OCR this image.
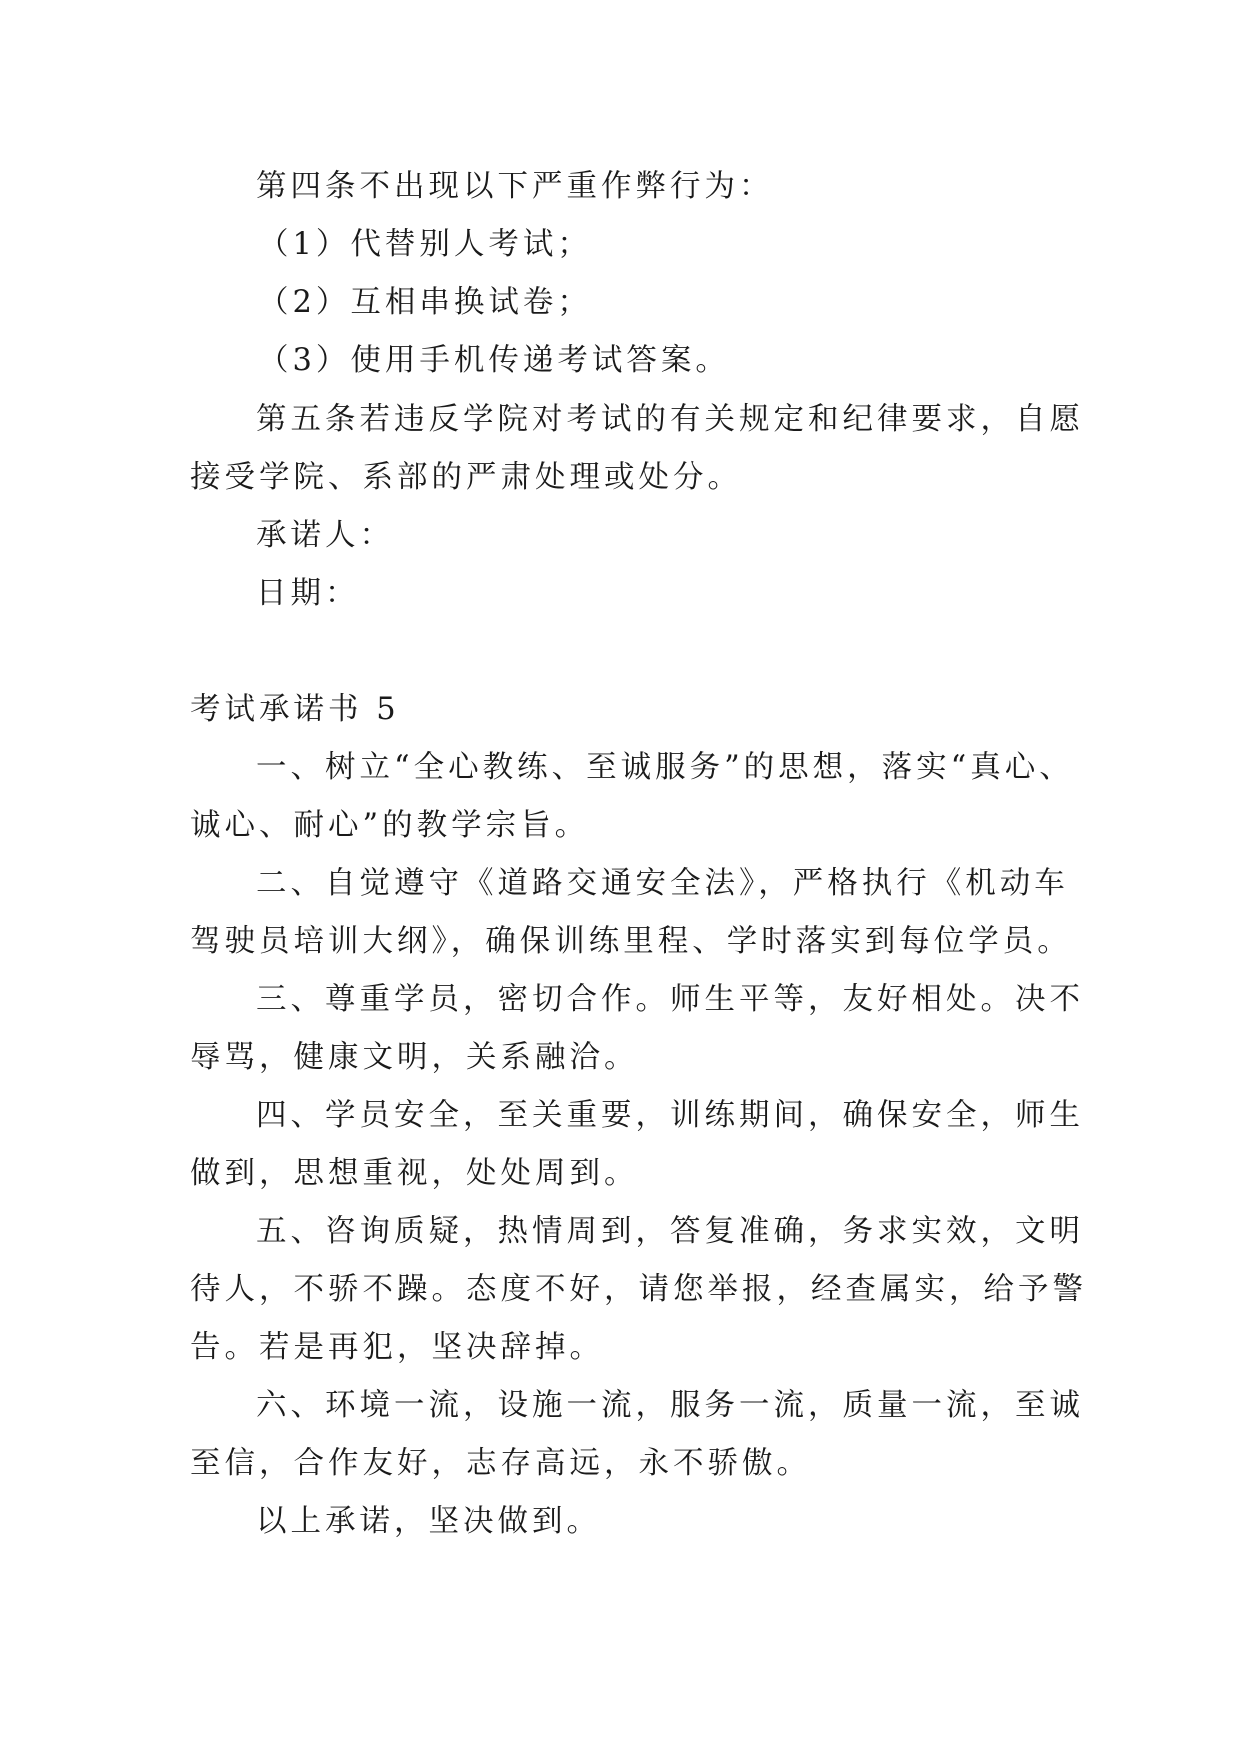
第四条不出现以下严重作弊行为：
（1）代替别人考试；
（2）互相串换试卷；
（3）使用手机传递考试答案。
第五条若违反学院对考试的有关规定和纪律要求，自愿
接受学院、系部的严肃处理或处分。
承诺人：
日期：
考试承诺书 5
一、树立“全心教练、至诚服务”的思想，落实“真心、
诚心、耐心”的教学宗旨。
二、自觉遵守《道路交通安全法》，严格执行《机动车
驾驶员培训大纲》，确保训练里程、学时落实到每位学员。
三、尊重学员，密切合作。师生平等，友好相处。决不
辱骂，健康文明，关系融洽。
四、学员安全，至关重要，训练期间，确保安全，师生
做到，思想重视，处处周到。
五、咨询质疑，热情周到，答复准确，务求实效，文明
待人，不骄不躁。态度不好，请您举报，经查属实，给予警
告。若是再犯，坚决辞掉。
六、环境一流，设施一流，服务一流，质量一流，至诚
至信，合作友好，志存高远，永不骄傲。
以上承诺，坚决做到。
